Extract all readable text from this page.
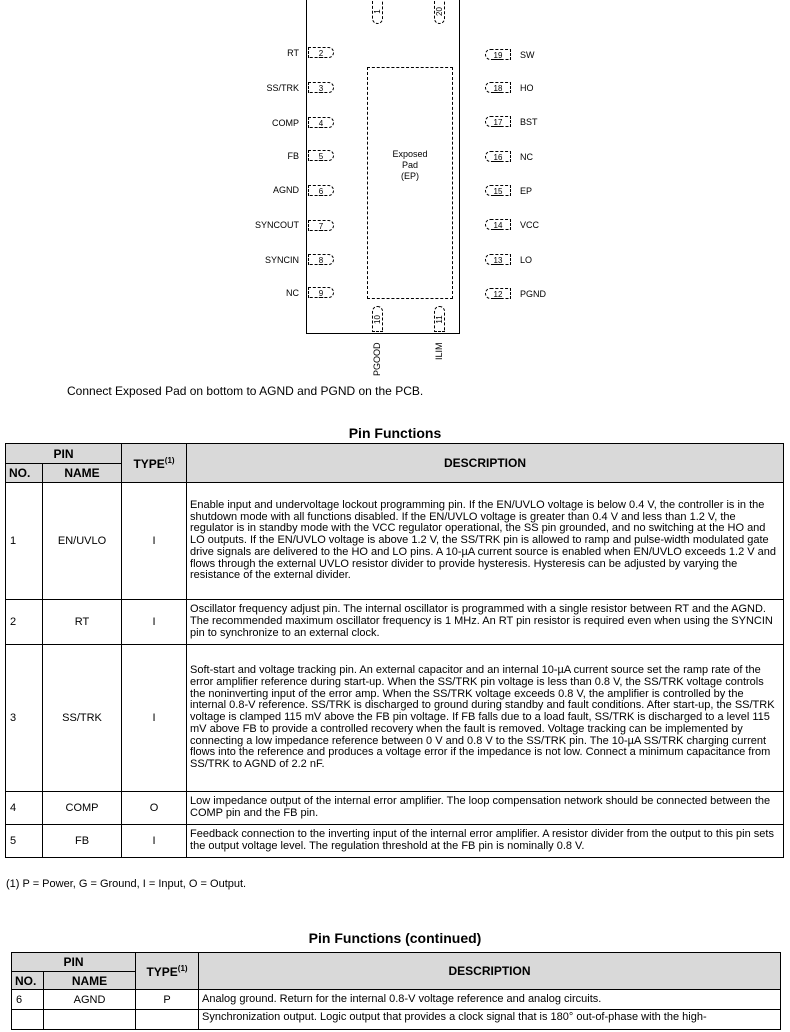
Exposed
Pad
(EP)
RT	2
SS/TRK	3
COMP	4
FB	5
AGND	6
SYNCOUT	7
SYNCIN	8
NC	9
19	SW
18	HO
17	BST
16	NC
15	EP
14	VCC
13	LO
12	PGND
1	20
10	11
PGOOD	ILIM
Connect Exposed Pad on bottom to AGND and PGND on the PCB.
Pin Functions
PIN		TYPE$^{(1)}$	DESCRIPTION
NO.	NAME		
1	EN/UVLO	I	Enable input and undervoltage lockout programming pin. If the EN/UVLO voltage is below 0.4 V, the controller is in the shutdown mode with all functions disabled. If the EN/UVLO voltage is greater than 0.4 V and less than 1.2 V, the regulator is in standby mode with the VCC regulator operational, the SS pin grounded, and no switching at the HO and LO outputs. If the EN/UVLO voltage is above 1.2 V, the SS/TRK pin is allowed to ramp and pulse-width modulated gate drive signals are delivered to the HO and LO pins. A 10-µA current source is enabled when EN/UVLO exceeds 1.2 V and flows through the external UVLO resistor divider to provide hysteresis. Hysteresis can be adjusted by varying the resistance of the external divider.
2	RT	I	Oscillator frequency adjust pin. The internal oscillator is programmed with a single resistor between RT and the AGND. The recommended maximum oscillator frequency is 1 MHz. An RT pin resistor is required even when using the SYNCIN pin to synchronize to an external clock.
3	SS/TRK	I	Soft-start and voltage tracking pin. An external capacitor and an internal 10-µA current source set the ramp rate of the error amplifier reference during start-up. When the SS/TRK pin voltage is less than 0.8 V, the SS/TRK voltage controls the noninverting input of the error amp. When the SS/TRK voltage exceeds 0.8 V, the amplifier is controlled by the internal 0.8-V reference. SS/TRK is discharged to ground during standby and fault conditions. After start-up, the SS/TRK voltage is clamped 115 mV above the FB pin voltage. If FB falls due to a load fault, SS/TRK is discharged to a level 115 mV above FB to provide a controlled recovery when the fault is removed. Voltage tracking can be implemented by connecting a low impedance reference between 0 V and 0.8 V to the SS/TRK pin. The 10-µA SS/TRK charging current flows into the reference and produces a voltage error if the impedance is not low. Connect a minimum capacitance from SS/TRK to AGND of 2.2 nF.
4	COMP	O	Low impedance output of the internal error amplifier. The loop compensation network should be connected between the COMP pin and the FB pin.
5	FB	I	Feedback connection to the inverting input of the internal error amplifier. A resistor divider from the output to this pin sets the output voltage level. The regulation threshold at the FB pin is nominally 0.8 V.
(1) P = Power, G = Ground, I = Input, O = Output.
Pin Functions (continued)
PIN		TYPE$^{(1)}$	DESCRIPTION
NO.	NAME		
6	AGND	P	Analog ground. Return for the internal 0.8-V voltage reference and analog circuits.
			Synchronization output. Logic output that provides a clock signal that is 180° out-of-phase with the high-
